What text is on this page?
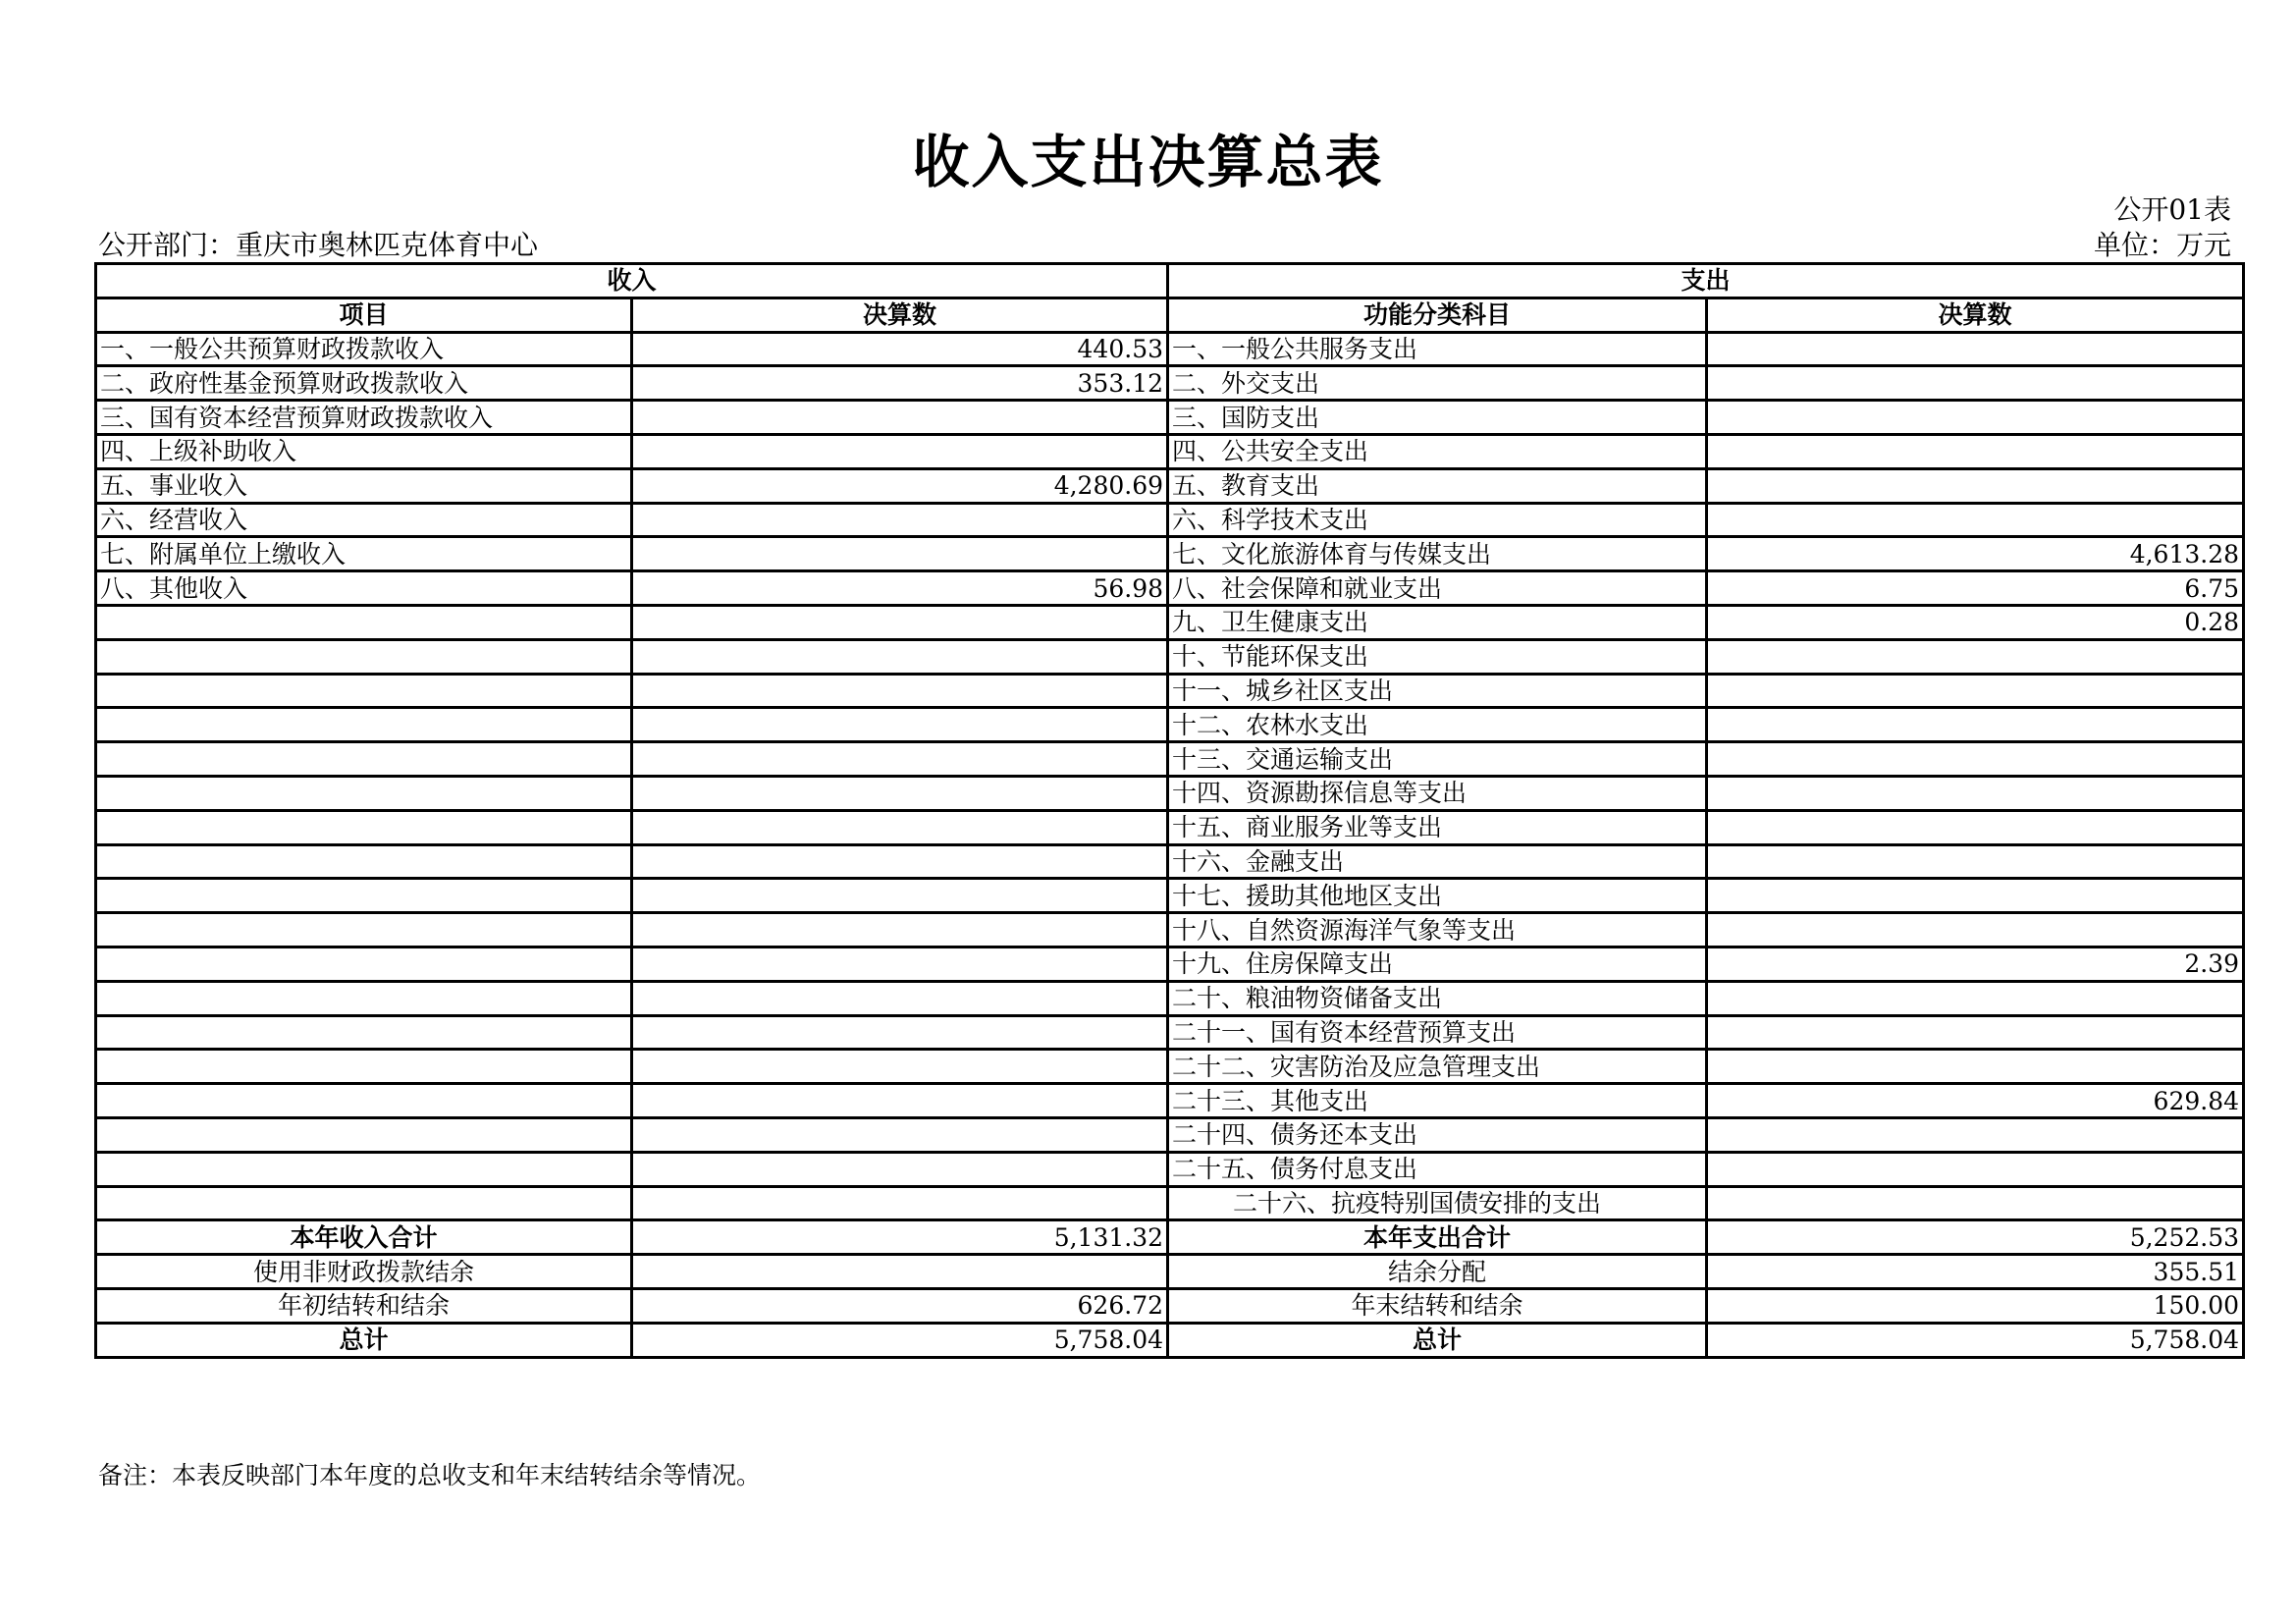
收入支出决算总表
公开01表
公开部门：重庆市奥林匹克体育中心	单位：万元
收入		支出	
项目	决算数	功能分类科目	决算数
一、一般公共预算财政拨款收入	440.53	一、一般公共服务支出	
二、政府性基金预算财政拨款收入	353.12	二、外交支出	
三、国有资本经营预算财政拨款收入		三、国防支出	
四、上级补助收入		四、公共安全支出	
五、事业收入	4,280.69	五、教育支出	
六、经营收入		六、科学技术支出	
七、附属单位上缴收入		七、文化旅游体育与传媒支出	4,613.28
八、其他收入	56.98	八、社会保障和就业支出	6.75
		九、卫生健康支出	0.28
		十、节能环保支出	
		十一、城乡社区支出	
		十二、农林水支出	
		十三、交通运输支出	
		十四、资源勘探信息等支出	
		十五、商业服务业等支出	
		十六、金融支出	
		十七、援助其他地区支出	
		十八、自然资源海洋气象等支出	
		十九、住房保障支出	2.39
		二十、粮油物资储备支出	
		二十一、国有资本经营预算支出	
		二十二、灾害防治及应急管理支出	
		二十三、其他支出	629.84
		二十四、债务还本支出	
		二十五、债务付息支出	
		二十六、抗疫特别国债安排的支出	
本年收入合计	5,131.32	本年支出合计	5,252.53
使用非财政拨款结余		结余分配	355.51
年初结转和结余	626.72	年末结转和结余	150.00
总计	5,758.04	总计	5,758.04
备注：本表反映部门本年度的总收支和年末结转结余等情况。
